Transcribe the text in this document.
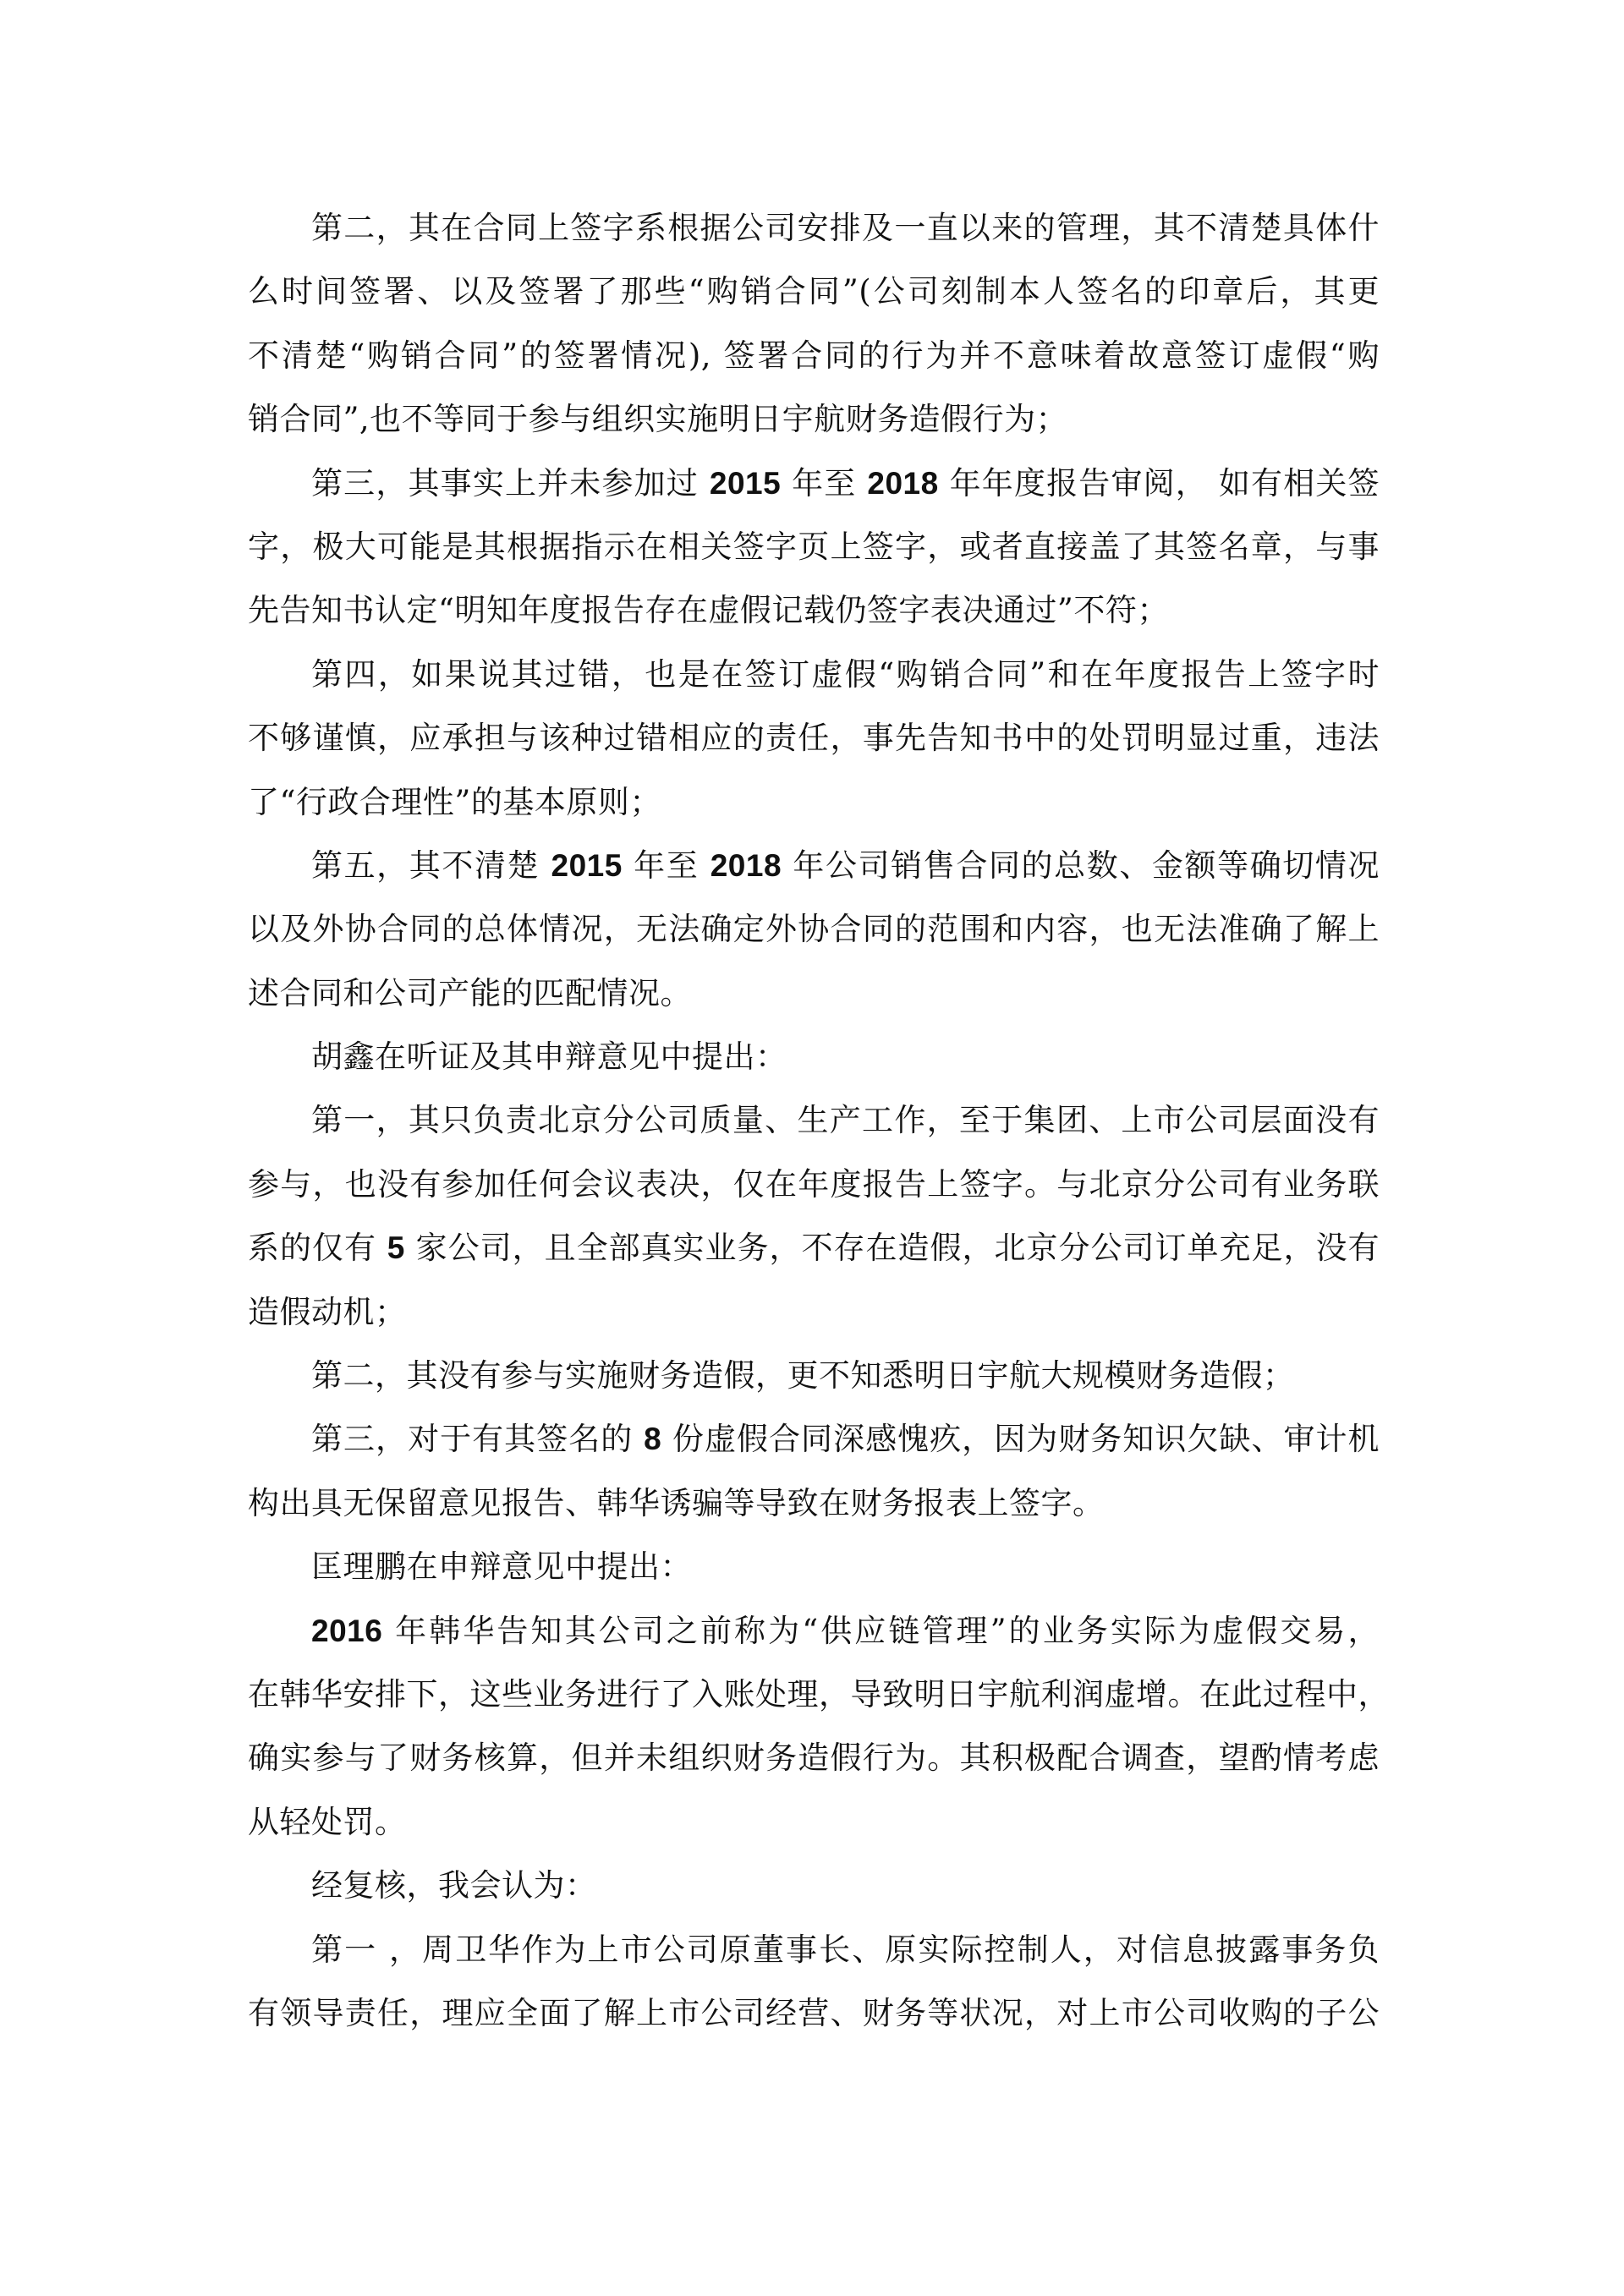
第二，其在合同上签字系根据公司安排及一直以来的管理，其不清楚具体什
么时间签署、以及签署了那些“购销合同”(公司刻制本人签名的印章后，其更
不清楚“购销合同”的签署情况), 签署合同的行为并不意味着故意签订虚假“购
销合同”,也不等同于参与组织实施明日宇航财务造假行为；
第三，其事实上并未参加过 2015 年至 2018 年年度报告审阅， 如有相关签
字，极大可能是其根据指示在相关签字页上签字，或者直接盖了其签名章，与事
先告知书认定“明知年度报告存在虚假记载仍签字表决通过”不符；
第四，如果说其过错，也是在签订虚假“购销合同”和在年度报告上签字时
不够谨慎，应承担与该种过错相应的责任，事先告知书中的处罚明显过重，违法
了“行政合理性”的基本原则；
第五，其不清楚 2015 年至 2018 年公司销售合同的总数、金额等确切情况
以及外协合同的总体情况，无法确定外协合同的范围和内容，也无法准确了解上
述合同和公司产能的匹配情况。
胡鑫在听证及其申辩意见中提出：
第一，其只负责北京分公司质量、生产工作，至于集团、上市公司层面没有
参与，也没有参加任何会议表决，仅在年度报告上签字。与北京分公司有业务联
系的仅有 5 家公司，且全部真实业务，不存在造假，北京分公司订单充足，没有
造假动机；
第二，其没有参与实施财务造假，更不知悉明日宇航大规模财务造假；
第三，对于有其签名的 8 份虚假合同深感愧疚，因为财务知识欠缺、审计机
构出具无保留意见报告、韩华诱骗等导致在财务报表上签字。
匡理鹏在申辩意见中提出：
2016 年韩华告知其公司之前称为“供应链管理”的业务实际为虚假交易，
在韩华安排下，这些业务进行了入账处理，导致明日宇航利润虚增。在此过程中，
确实参与了财务核算，但并未组织财务造假行为。其积极配合调查，望酌情考虑
从轻处罚。
经复核，我会认为：
第一 ，周卫华作为上市公司原董事长、原实际控制人，对信息披露事务负
有领导责任，理应全面了解上市公司经营、财务等状况，对上市公司收购的子公
